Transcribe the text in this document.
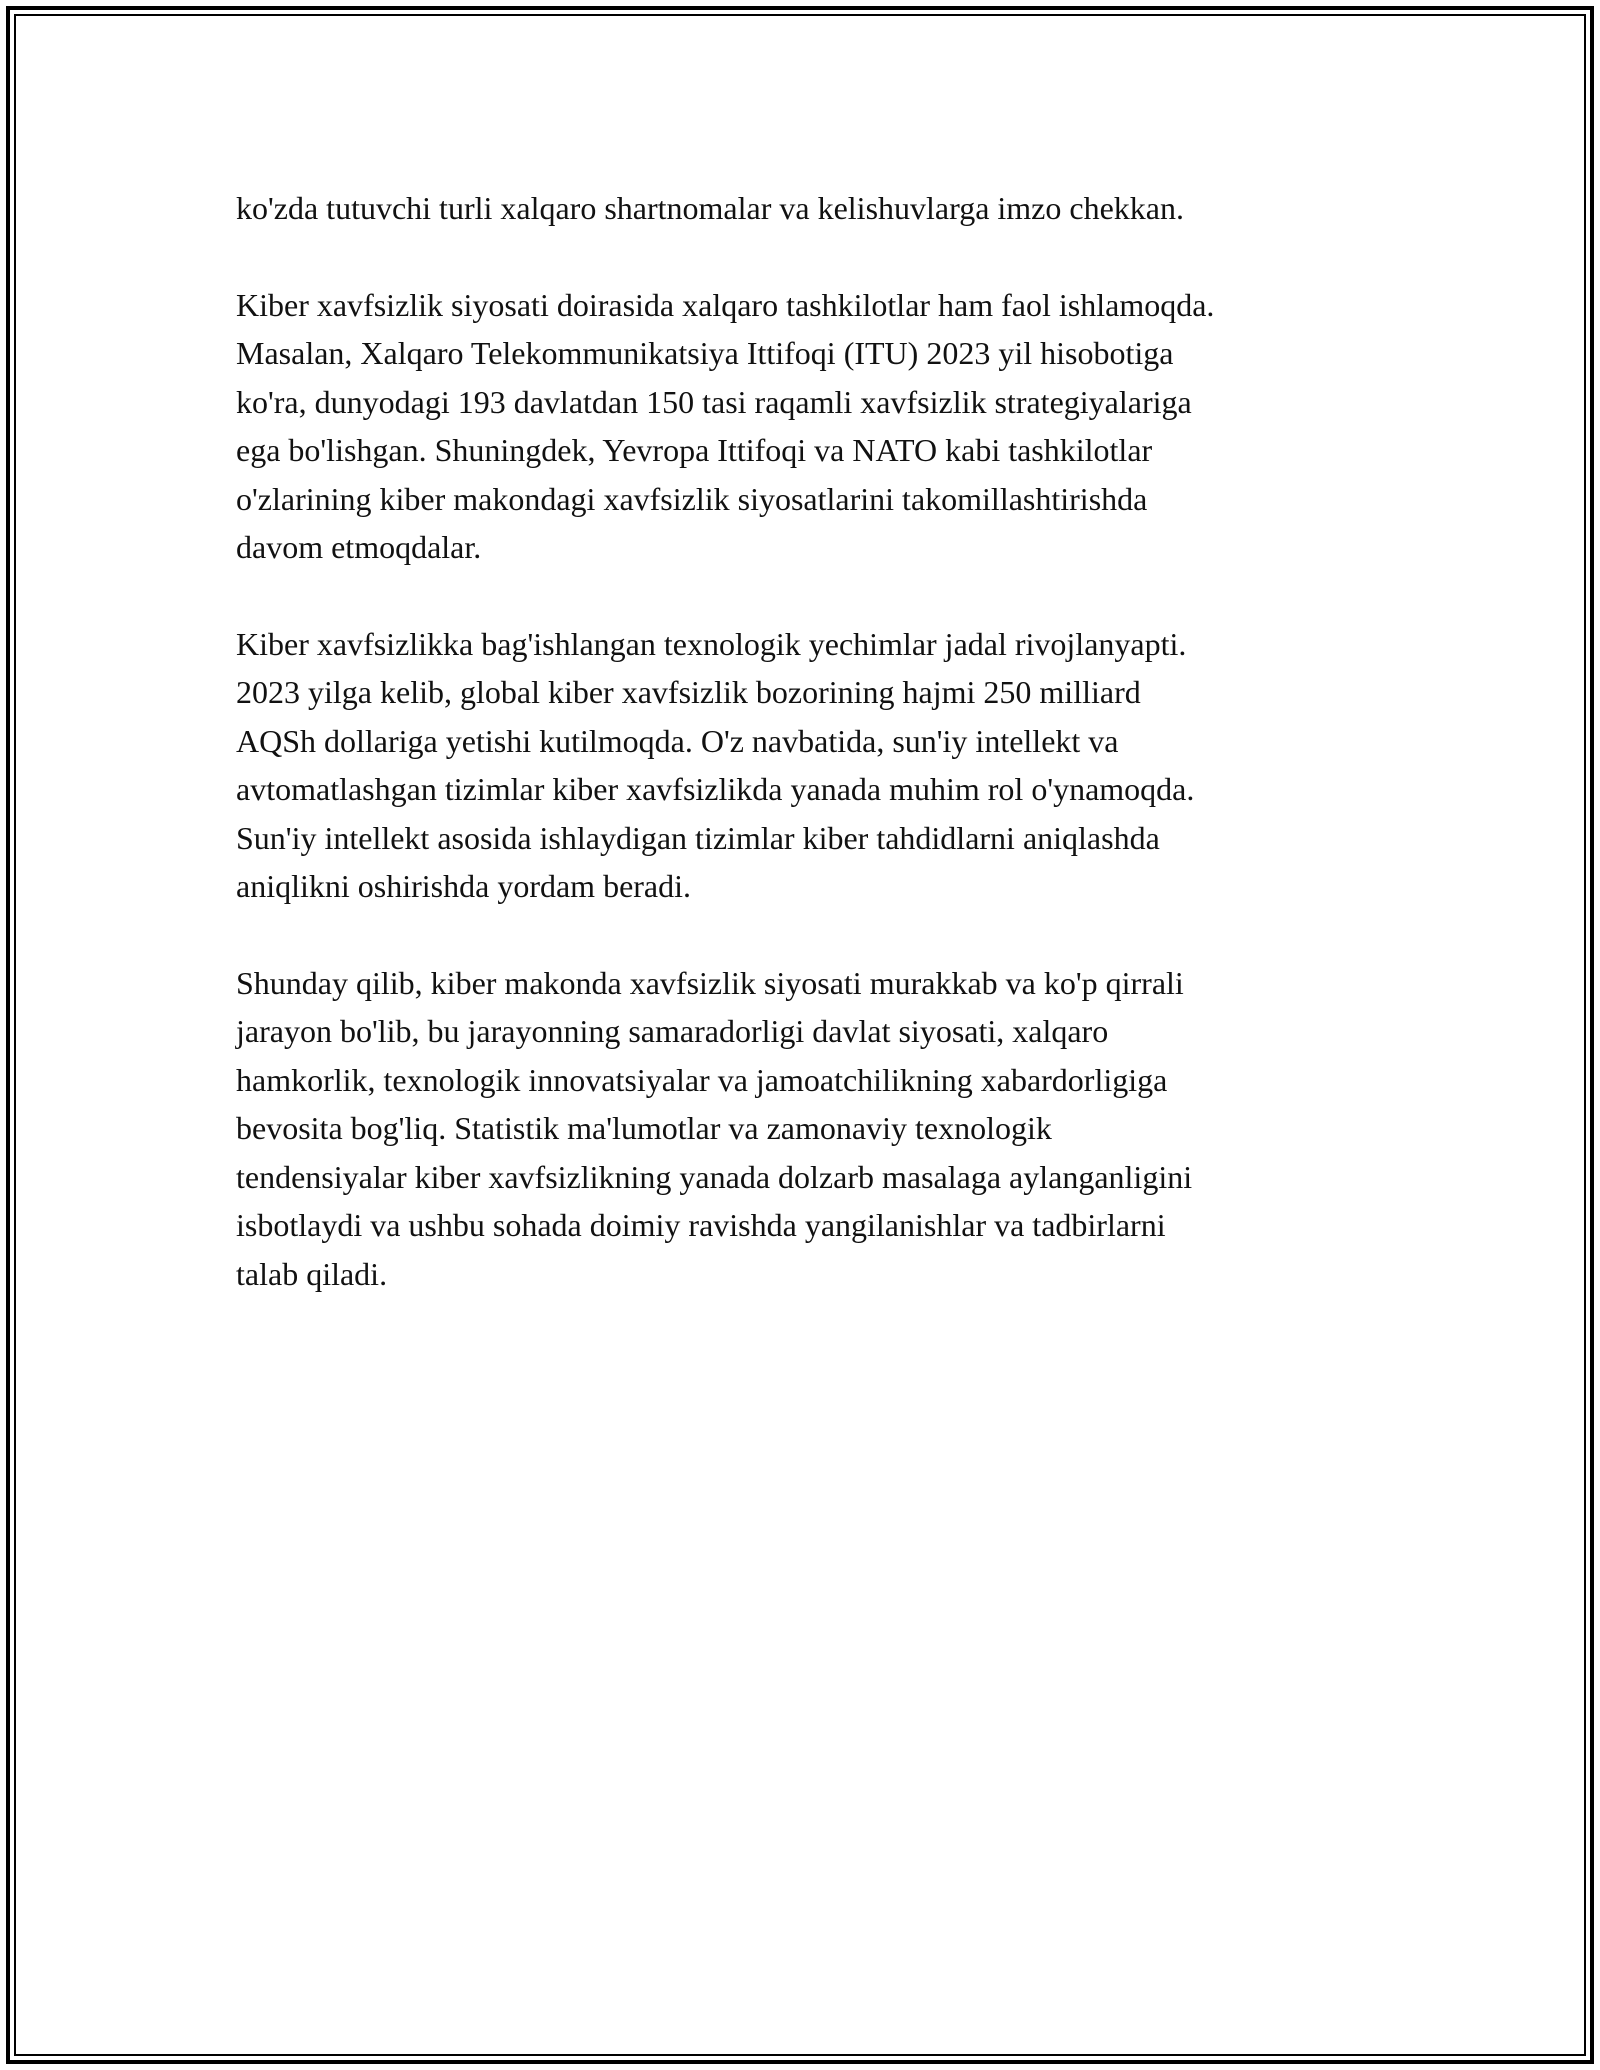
ko'zda tutuvchi turli xalqaro shartnomalar va kelishuvlarga imzo chekkan.

Kiber xavfsizlik siyosati doirasida xalqaro tashkilotlar ham faol ishlamoqda.
Masalan, Xalqaro Telekommunikatsiya Ittifoqi (ITU) 2023 yil hisobotiga
ko'ra, dunyodagi 193 davlatdan 150 tasi raqamli xavfsizlik strategiyalariga
ega bo'lishgan. Shuningdek, Yevropa Ittifoqi va NATO kabi tashkilotlar
o'zlarining kiber makondagi xavfsizlik siyosatlarini takomillashtirishda
davom etmoqdalar.

Kiber xavfsizlikka bag'ishlangan texnologik yechimlar jadal rivojlanyapti.
2023 yilga kelib, global kiber xavfsizlik bozorining hajmi 250 milliard
AQSh dollariga yetishi kutilmoqda. O'z navbatida, sun'iy intellekt va
avtomatlashgan tizimlar kiber xavfsizlikda yanada muhim rol o'ynamoqda.
Sun'iy intellekt asosida ishlaydigan tizimlar kiber tahdidlarni aniqlashda
aniqlikni oshirishda yordam beradi.

Shunday qilib, kiber makonda xavfsizlik siyosati murakkab va ko'p qirrali
jarayon bo'lib, bu jarayonning samaradorligi davlat siyosati, xalqaro
hamkorlik, texnologik innovatsiyalar va jamoatchilikning xabardorligiga
bevosita bog'liq. Statistik ma'lumotlar va zamonaviy texnologik
tendensiyalar kiber xavfsizlikning yanada dolzarb masalaga aylanganligini
isbotlaydi va ushbu sohada doimiy ravishda yangilanishlar va tadbirlarni
talab qiladi.
